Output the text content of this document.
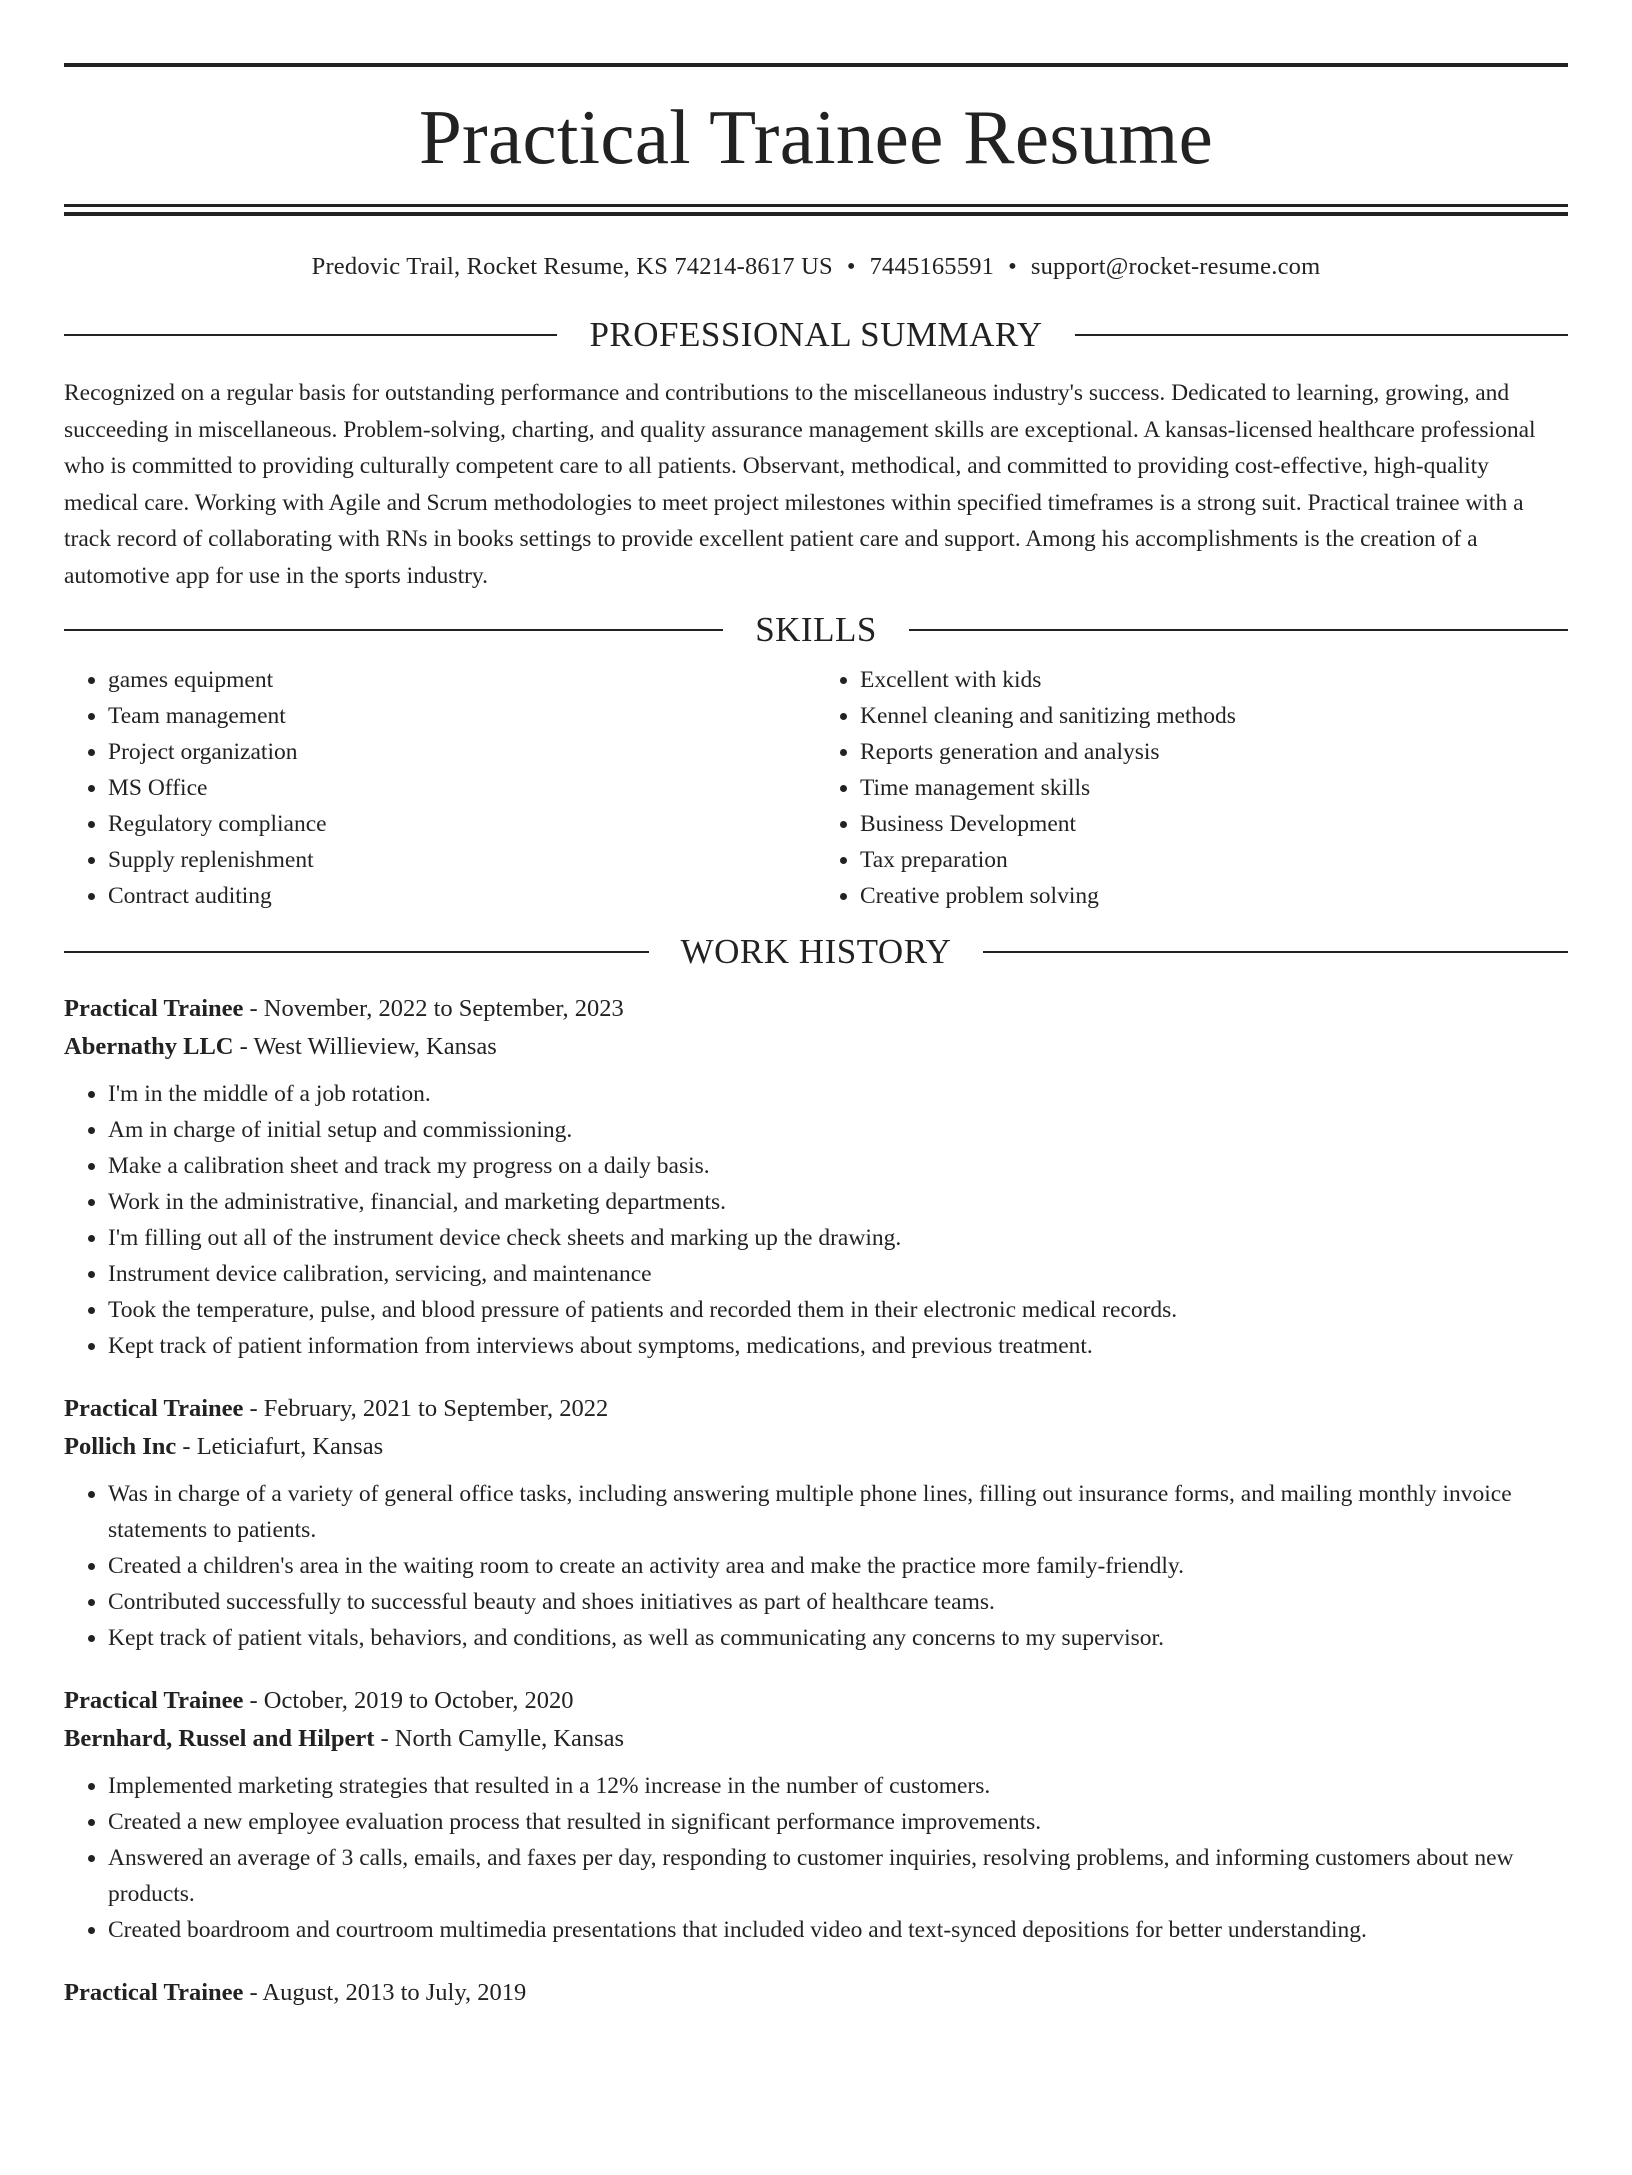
Practical Trainee Resume
Predovic Trail, Rocket Resume, KS 74214-8617 US • 7445165591 • support@rocket-resume.com
PROFESSIONAL SUMMARY

Recognized on a regular basis for outstanding performance and contributions to the miscellaneous industry's success. Dedicated to learning, growing, and succeeding in miscellaneous. Problem-solving, charting, and quality assurance management skills are exceptional. A kansas-licensed healthcare professional who is committed to providing culturally competent care to all patients. Observant, methodical, and committed to providing cost-effective, high-quality medical care. Working with Agile and Scrum methodologies to meet project milestones within specified timeframes is a strong suit. Practical trainee with a track record of collaborating with RNs in books settings to provide excellent patient care and support. Among his accomplishments is the creation of a automotive app for use in the sports industry.

SKILLS
• games equipment
• Team management
• Project organization
• MS Office
• Regulatory compliance
• Supply replenishment
• Contract auditing
• Excellent with kids
• Kennel cleaning and sanitizing methods
• Reports generation and analysis
• Time management skills
• Business Development
• Tax preparation
• Creative problem solving
WORK HISTORY

Practical Trainee - November, 2022 to September, 2023

Abernathy LLC - West Willieview, Kansas

• I'm in the middle of a job rotation.
• Am in charge of initial setup and commissioning.
• Make a calibration sheet and track my progress on a daily basis.
• Work in the administrative, financial, and marketing departments.
• I'm filling out all of the instrument device check sheets and marking up the drawing.
• Instrument device calibration, servicing, and maintenance
• Took the temperature, pulse, and blood pressure of patients and recorded them in their electronic medical records.
• Kept track of patient information from interviews about symptoms, medications, and previous treatment.

Practical Trainee - February, 2021 to September, 2022

Pollich Inc - Leticiafurt, Kansas

• Was in charge of a variety of general office tasks, including answering multiple phone lines, filling out insurance forms, and mailing monthly invoice statements to patients.
• Created a children's area in the waiting room to create an activity area and make the practice more family-friendly.
• Contributed successfully to successful beauty and shoes initiatives as part of healthcare teams.
• Kept track of patient vitals, behaviors, and conditions, as well as communicating any concerns to my supervisor.

Practical Trainee - October, 2019 to October, 2020

Bernhard, Russel and Hilpert - North Camylle, Kansas

• Implemented marketing strategies that resulted in a 12% increase in the number of customers.
• Created a new employee evaluation process that resulted in significant performance improvements.
• Answered an average of 3 calls, emails, and faxes per day, responding to customer inquiries, resolving problems, and informing customers about new products.
• Created boardroom and courtroom multimedia presentations that included video and text-synced depositions for better understanding.

Practical Trainee - August, 2013 to July, 2019
